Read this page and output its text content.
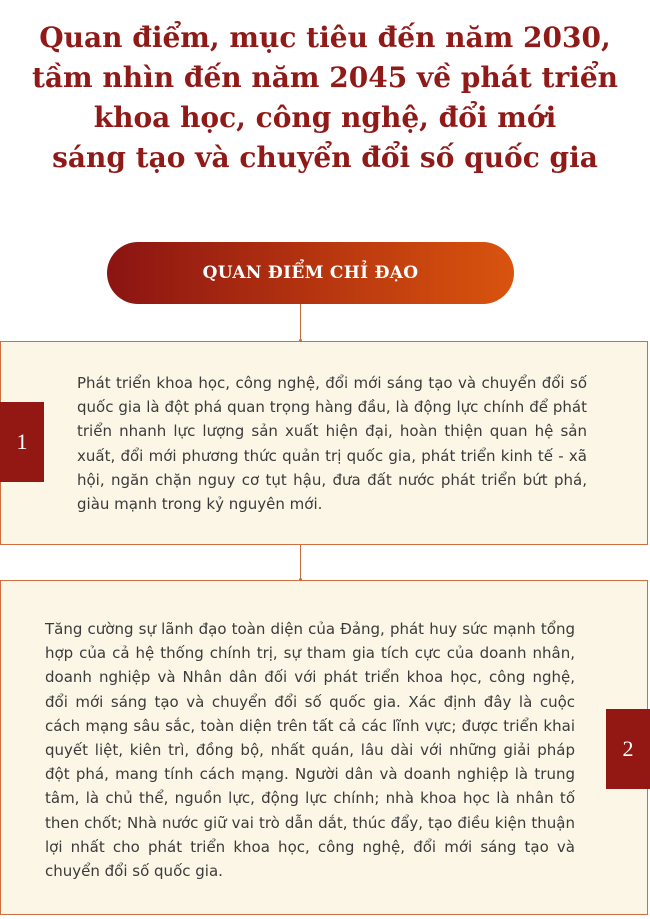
Quan điểm, mục tiêu đến năm 2030,
tầm nhìn đến năm 2045 về phát triển
khoa học, công nghệ, đổi mới
sáng tạo và chuyển đổi số quốc gia
QUAN ĐIỂM CHỈ ĐẠO
Phát triển khoa học, công nghệ, đổi mới sáng tạo và chuyển đổi số quốc gia là đột phá quan trọng hàng đầu, là động lực chính để phát triển nhanh lực lượng sản xuất hiện đại, hoàn thiện quan hệ sản xuất, đổi mới phương thức quản trị quốc gia, phát triển kinh tế - xã hội, ngăn chặn nguy cơ tụt hậu, đưa đất nước phát triển bứt phá, giàu mạnh trong kỷ nguyên mới.
1
Tăng cường sự lãnh đạo toàn diện của Đảng, phát huy sức mạnh tổng hợp của cả hệ thống chính trị, sự tham gia tích cực của doanh nhân, doanh nghiệp và Nhân dân đối với phát triển khoa học, công nghệ, đổi mới sáng tạo và chuyển đổi số quốc gia. Xác định đây là cuộc cách mạng sâu sắc, toàn diện trên tất cả các lĩnh vực; được triển khai quyết liệt, kiên trì, đồng bộ, nhất quán, lâu dài với những giải pháp đột phá, mang tính cách mạng. Người dân và doanh nghiệp là trung tâm, là chủ thể, nguồn lực, động lực chính; nhà khoa học là nhân tố then chốt; Nhà nước giữ vai trò dẫn dắt, thúc đẩy, tạo điều kiện thuận lợi nhất cho phát triển khoa học, công nghệ, đổi mới sáng tạo và chuyển đổi số quốc gia.
2
